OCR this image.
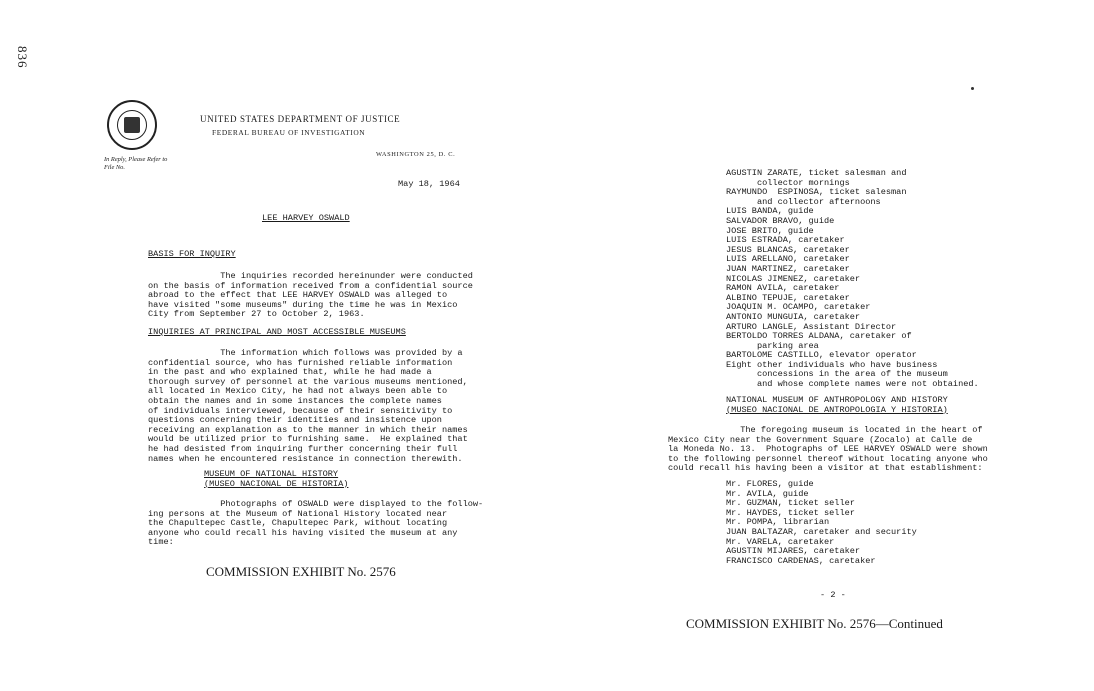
836
UNITED STATES DEPARTMENT OF JUSTICE
FEDERAL BUREAU OF INVESTIGATION
WASHINGTON 25, D. C.
In Reply, Please Refer to
File No.
May 18, 1964
LEE HARVEY OSWALD
BASIS FOR INQUIRY
The inquiries recorded hereinunder were conducted
on the basis of information received from a confidential source
abroad to the effect that LEE HARVEY OSWALD was alleged to
have visited "some museums" during the time he was in Mexico
City from September 27 to October 2, 1963.
INQUIRIES AT PRINCIPAL AND MOST ACCESSIBLE MUSEUMS
The information which follows was provided by a
confidential source, who has furnished reliable information
in the past and who explained that, while he had made a
thorough survey of personnel at the various museums mentioned,
all located in Mexico City, he had not always been able to
obtain the names and in some instances the complete names
of individuals interviewed, because of their sensitivity to
questions concerning their identities and insistence upon
receiving an explanation as to the manner in which their names
would be utilized prior to furnishing same.  He explained that
he had desisted from inquiring further concerning their full
names when he encountered resistance in connection therewith.
MUSEUM OF NATIONAL HISTORY
(MUSEO NACIONAL DE HISTORIA)
Photographs of OSWALD were displayed to the follow-
ing persons at the Museum of National History located near
the Chapultepec Castle, Chapultepec Park, without locating
anyone who could recall his having visited the museum at any
time:
COMMISSION EXHIBIT No. 2576
AGUSTIN ZARATE, ticket salesman and
collector mornings
RAYMUNDO  ESPINOSA, ticket salesman
and collector afternoons
LUIS BANDA, guide
SALVADOR BRAVO, guide
JOSE BRITO, guide
LUIS ESTRADA, caretaker
JESUS BLANCAS, caretaker
LUIS ARELLANO, caretaker
JUAN MARTINEZ, caretaker
NICOLAS JIMENEZ, caretaker
RAMON AVILA, caretaker
ALBINO TEPUJE, caretaker
JOAQUIN M. OCAMPO, caretaker
ANTONIO MUNGUIA, caretaker
ARTURO LANGLE, Assistant Director
BERTOLDO TORRES ALDANA, caretaker of
parking area
BARTOLOME CASTILLO, elevator operator
Eight other individuals who have business
concessions in the area of the museum
and whose complete names were not obtained.
NATIONAL MUSEUM OF ANTHROPOLOGY AND HISTORY
(MUSEO NACIONAL DE ANTROPOLOGIA Y HISTORIA)
The foregoing museum is located in the heart of
Mexico City near the Government Square (Zocalo) at Calle de
la Moneda No. 13.  Photographs of LEE HARVEY OSWALD were shown
to the following personnel thereof without locating anyone who
could recall his having been a visitor at that establishment:
Mr. FLORES, guide
Mr. AVILA, guide
Mr. GUZMAN, ticket seller
Mr. HAYDES, ticket seller
Mr. POMPA, librarian
JUAN BALTAZAR, caretaker and security
Mr. VARELA, caretaker
AGUSTIN MIJARES, caretaker
FRANCISCO CARDENAS, caretaker
- 2 -
COMMISSION EXHIBIT No. 2576—Continued
